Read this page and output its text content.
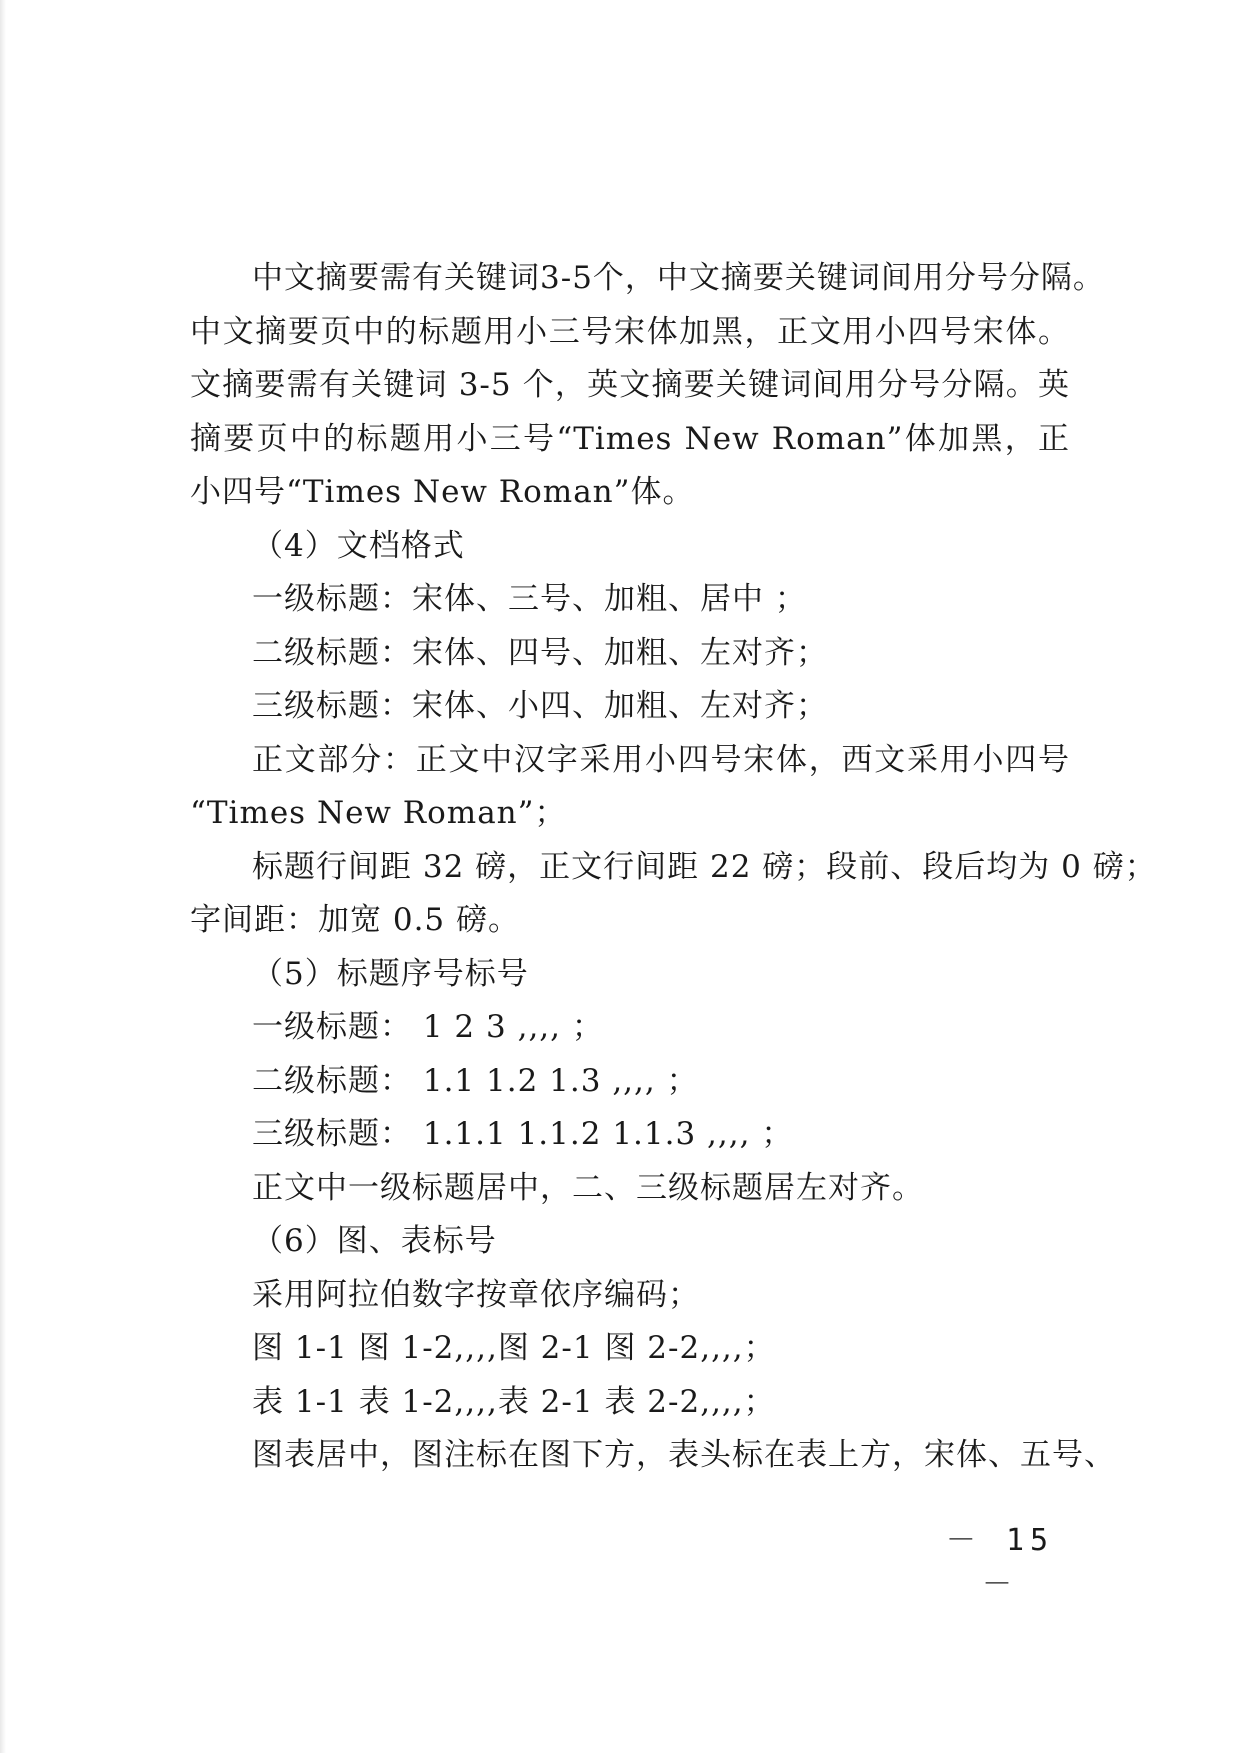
中文摘要需有关键词3-5个，中文摘要关键词间用分号分隔。
中文摘要页中的标题用小三号宋体加黑，正文用小四号宋体。
文摘要需有关键词 3-5 个，英文摘要关键词间用分号分隔。英
摘要页中的标题用小三号“Times New Roman”体加黑，正
小四号“Times New Roman”体。
（4）文档格式
一级标题：宋体、三号、加粗、居中 ；
二级标题：宋体、四号、加粗、左对齐；
三级标题：宋体、小四、加粗、左对齐；
正文部分：正文中汉字采用小四号宋体，西文采用小四号
“Times New Roman”；
标题行间距 32 磅，正文行间距 22 磅；段前、段后均为 0 磅；
字间距：加宽 0.5 磅。
（5）标题序号标号
一级标题： 1 2 3 ,,,, ；
二级标题： 1.1 1.2 1.3 ,,,, ；
三级标题： 1.1.1 1.1.2 1.1.3 ,,,, ；
正文中一级标题居中，二、三级标题居左对齐。
（6）图、表标号
采用阿拉伯数字按章依序编码；
图 1-1 图 1-2,,,,图 2-1 图 2-2,,,,；
表 1-1 表 1-2,,,,表 2-1 表 2-2,,,,；
图表居中，图注标在图下方，表头标在表上方，宋体、五号、
－ 15 －
